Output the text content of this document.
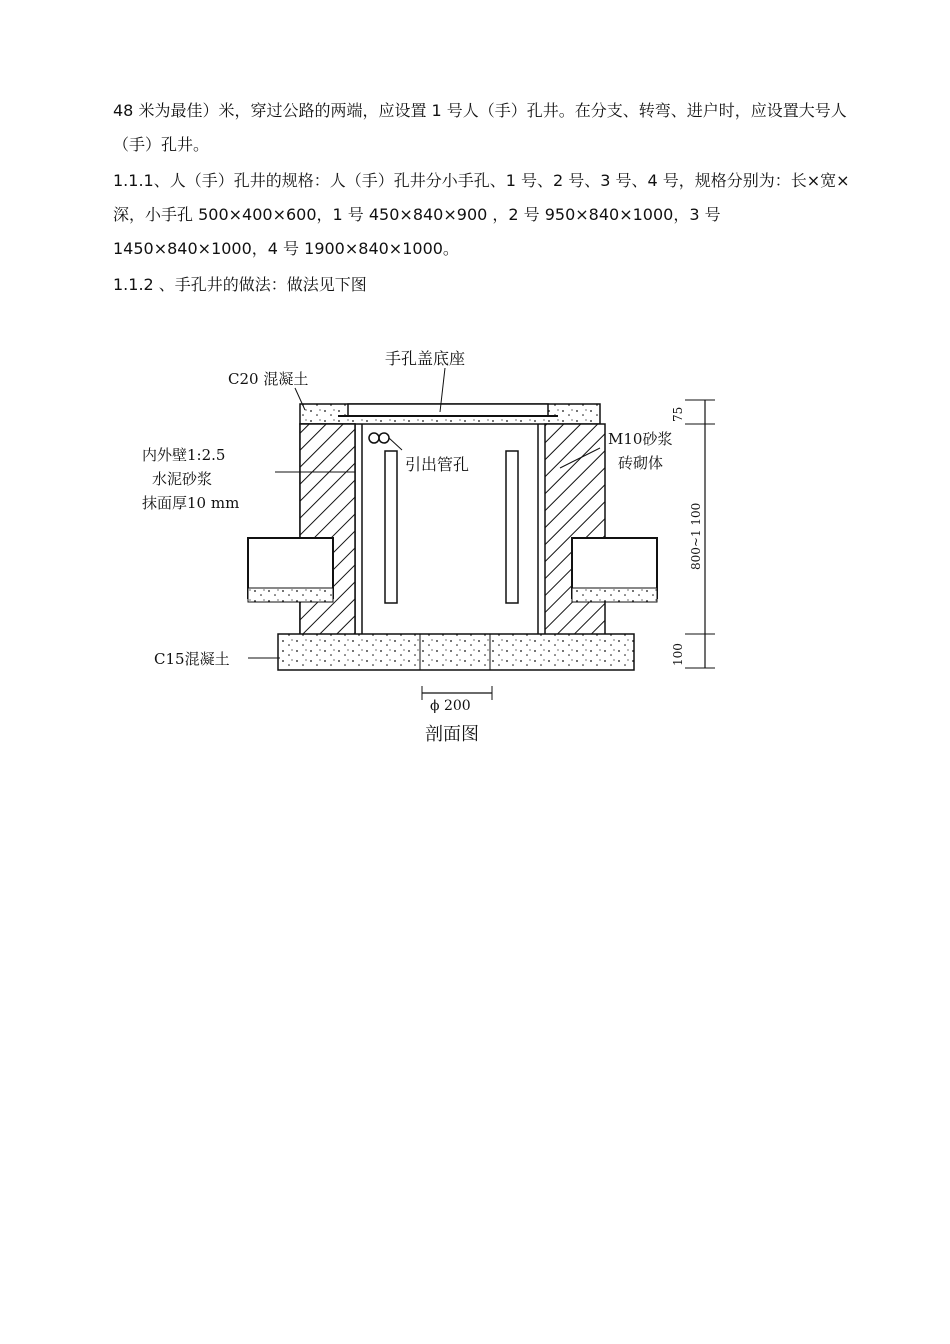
48 米为最佳）米，穿过公路的两端，应设置 1 号人（手）孔井。在分支、转弯、进户时，应设置大号人（手）孔井。

1.1.1、人（手）孔井的规格：人（手）孔井分小手孔、1 号、2 号、3 号、4 号，规格分别为：长×宽×深，小手孔 500×400×600，1 号 450×840×900 ，2 号 950×840×1000，3 号 1450×840×1000，4 号 1900×840×1000。

1.1.2 、手孔井的做法：做法见下图

手孔盖底座
C20 混凝土
内外壁1:2.5
水泥砂浆
抹面厚10 mm
引出管孔
M10砂浆
砖砌体
C15混凝土
75
800~1 100
100
ϕ 200
剖面图
